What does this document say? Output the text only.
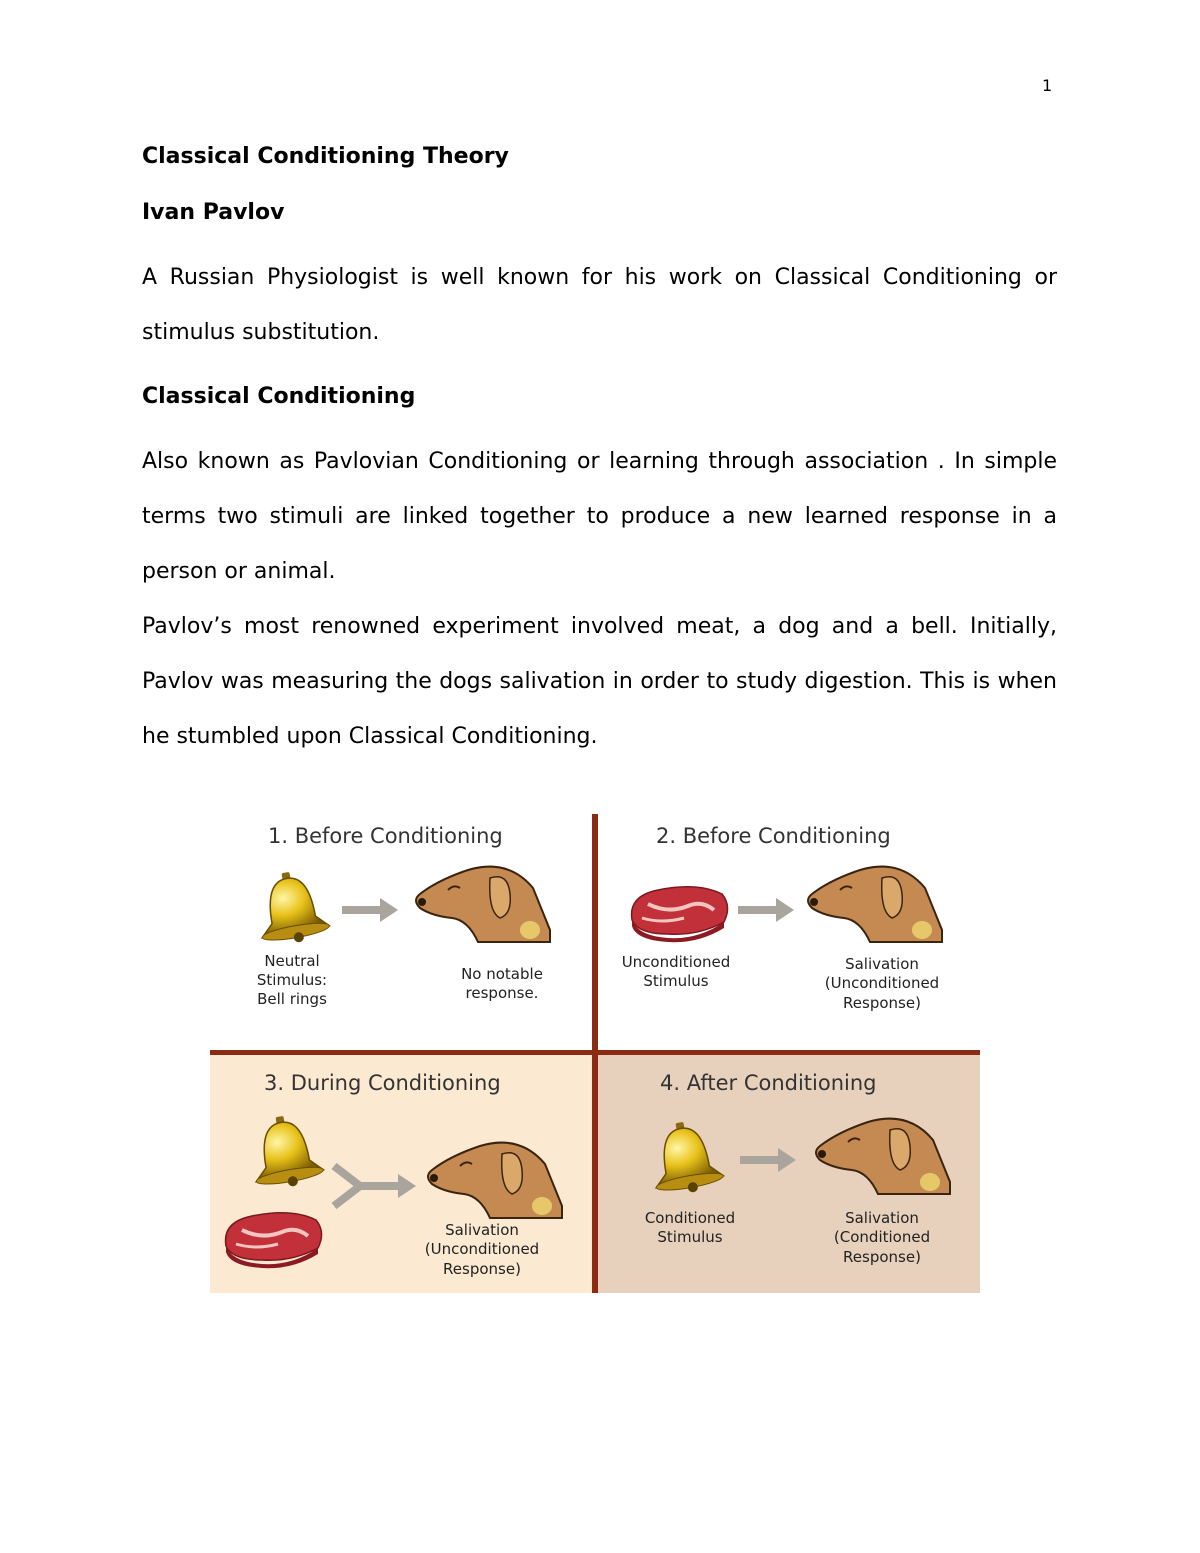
1
Classical Conditioning Theory
Ivan Pavlov

A Russian Physiologist is well known for his work on Classical Conditioning or stimulus substitution.

Classical Conditioning

Also known as Pavlovian Conditioning or learning through association . In simple terms two stimuli are linked together to produce a new learned response in a person or animal.

Pavlov’s most renowned experiment involved meat, a dog and a bell. Initially, Pavlov was measuring the dogs salivation in order to study digestion. This is when he stumbled upon Classical Conditioning.

1. Before Conditioning
Neutral
Stimulus:
Bell rings
No notable
response.
2. Before Conditioning
Unconditioned
Stimulus
Salivation
(Unconditioned
Response)
3. During Conditioning
Salivation
(Unconditioned
Response)
4. After Conditioning
Conditioned
Stimulus
Salivation
(Conditioned
Response)
